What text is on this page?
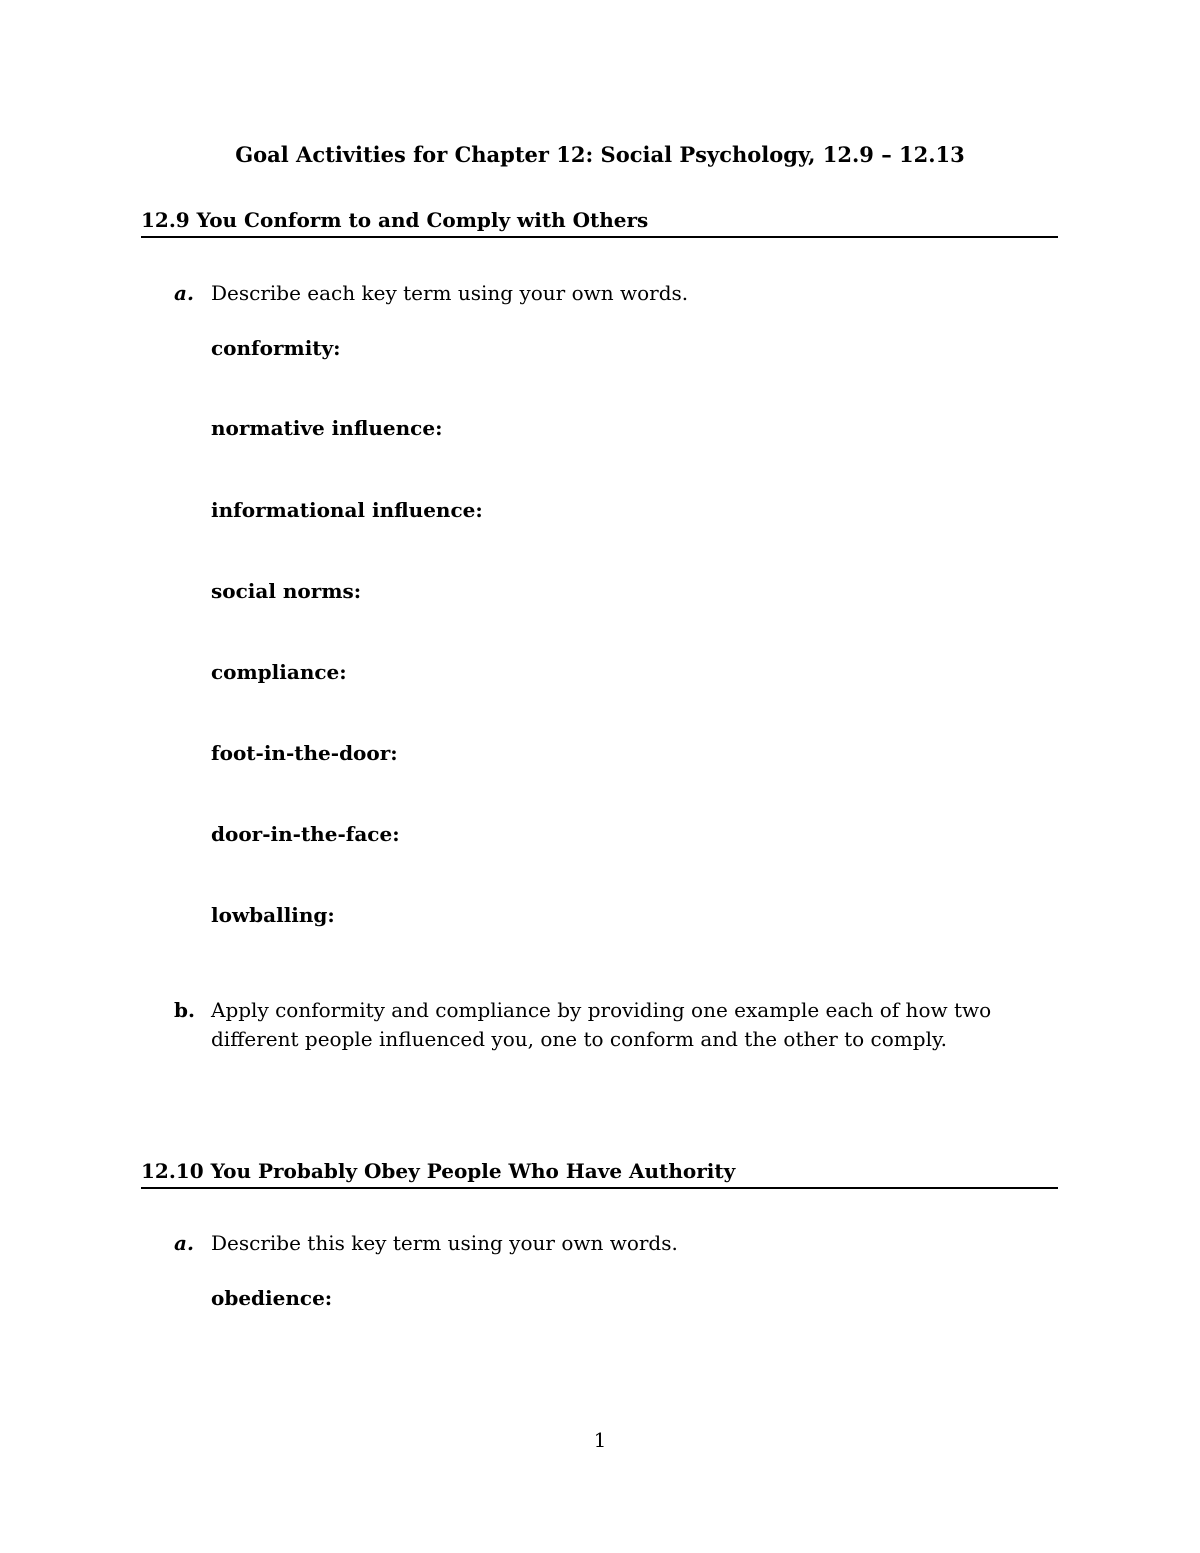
Goal Activities for Chapter 12: Social Psychology, 12.9 – 12.13
12.9 You Conform to and Comply with Others
a. Describe each key term using your own words.
conformity:
normative influence:
informational influence:
social norms:
compliance:
foot-in-the-door:
door-in-the-face:
lowballing:
b. Apply conformity and compliance by providing one example each of how two different people influenced you, one to conform and the other to comply.
12.10 You Probably Obey People Who Have Authority
a. Describe this key term using your own words.
obedience:
1
